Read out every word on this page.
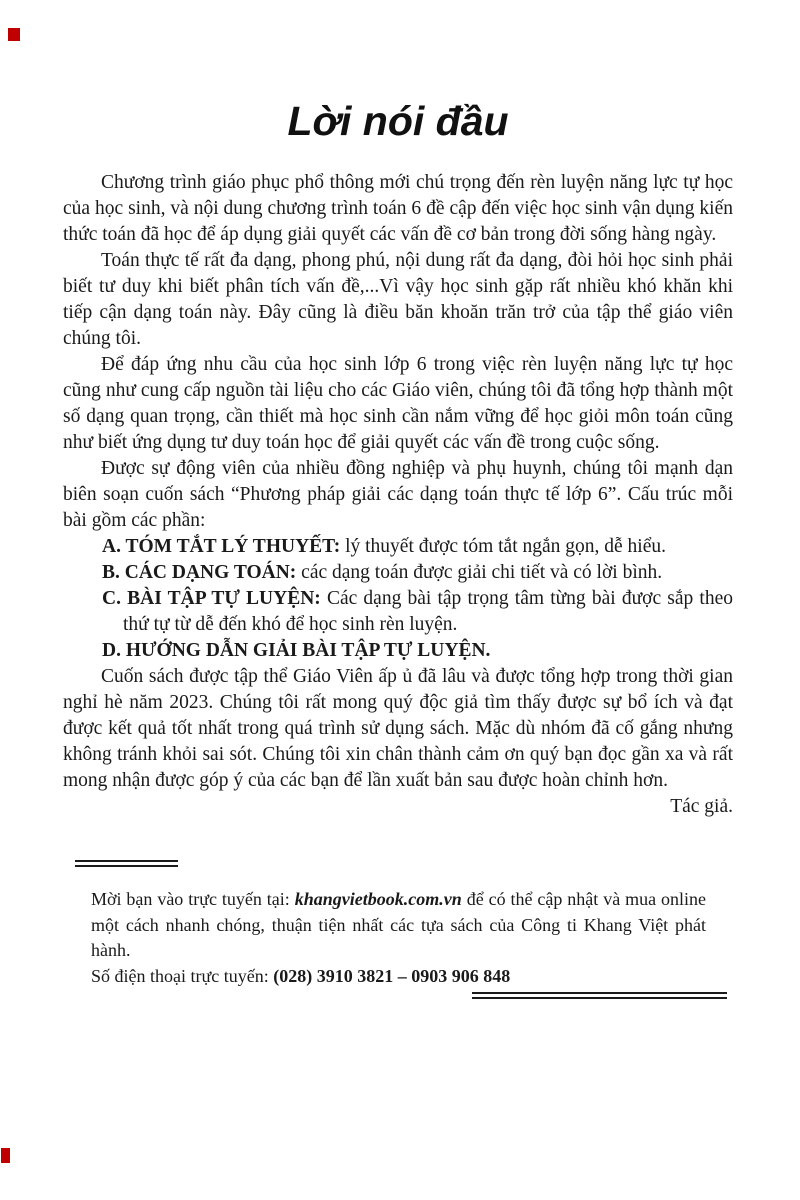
Lời nói đầu

Chương trình giáo phục phổ thông mới chú trọng đến rèn luyện năng lực tự học của học sinh, và nội dung chương trình toán 6 đề cập đến việc học sinh vận dụng kiến thức toán đã học để áp dụng giải quyết các vấn đề cơ bản trong đời sống hàng ngày.

Toán thực tế rất đa dạng, phong phú, nội dung rất đa dạng, đòi hỏi học sinh phải biết tư duy khi biết phân tích vấn đề,...Vì vậy học sinh gặp rất nhiều khó khăn khi tiếp cận dạng toán này. Đây cũng là điều băn khoăn trăn trở của tập thể giáo viên chúng tôi.

Để đáp ứng nhu cầu của học sinh lớp 6 trong việc rèn luyện năng lực tự học cũng như cung cấp nguồn tài liệu cho các Giáo viên, chúng tôi đã tổng hợp thành một số dạng quan trọng, cần thiết mà học sinh cần nắm vững để học giỏi môn toán cũng như biết ứng dụng tư duy toán học để giải quyết các vấn đề trong cuộc sống.

Được sự động viên của nhiều đồng nghiệp và phụ huynh, chúng tôi mạnh dạn biên soạn cuốn sách “Phương pháp giải các dạng toán thực tế lớp 6”. Cấu trúc mỗi bài gồm các phần:

A. TÓM TẮT LÝ THUYẾT: lý thuyết được tóm tắt ngắn gọn, dễ hiểu.
B. CÁC DẠNG TOÁN: các dạng toán được giải chi tiết và có lời bình.
C. BÀI TẬP TỰ LUYỆN: Các dạng bài tập trọng tâm từng bài được sắp theo thứ tự từ dễ đến khó để học sinh rèn luyện.
D. HƯỚNG DẪN GIẢI BÀI TẬP TỰ LUYỆN.

Cuốn sách được tập thể Giáo Viên ấp ủ đã lâu và được tổng hợp trong thời gian nghỉ hè năm 2023. Chúng tôi rất mong quý độc giả tìm thấy được sự bổ ích và đạt được kết quả tốt nhất trong quá trình sử dụng sách. Mặc dù nhóm đã cố gắng nhưng không tránh khỏi sai sót. Chúng tôi xin chân thành cảm ơn quý bạn đọc gần xa và rất mong nhận được góp ý của các bạn để lần xuất bản sau được hoàn chỉnh hơn.

Tác giả.

Mời bạn vào trực tuyến tại: khangvietbook.com.vn để có thể cập nhật và mua online một cách nhanh chóng, thuận tiện nhất các tựa sách của Công ti Khang Việt phát hành.
Số điện thoại trực tuyến: (028) 3910 3821 – 0903 906 848
